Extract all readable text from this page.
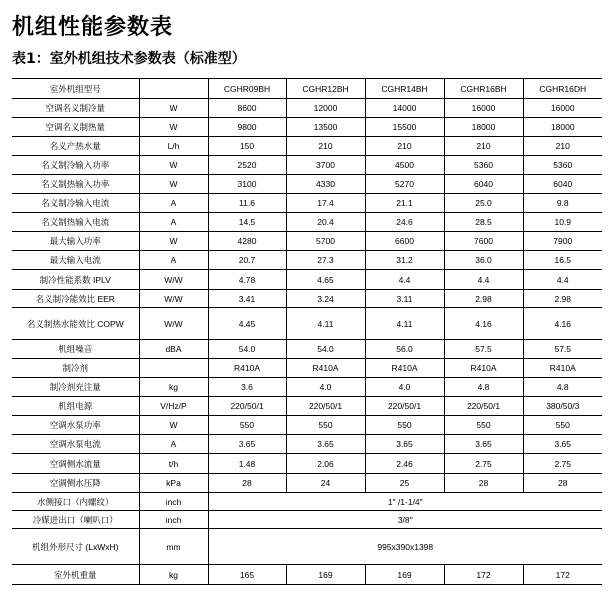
机组性能参数表
表1：室外机组技术参数表（标准型）
室外机组型号		CGHR09BH	CGHR12BH	CGHR14BH	CGHR16BH	CGHR16DH
空调名义制冷量	W	8600	12000	14000	16000	16000
空调名义制热量	W	9800	13500	15500	18000	18000
名义产热水量	L/h	150	210	210	210	210
名义制冷输入功率	W	2520	3700	4500	5360	5360
名义制热输入功率	W	3100	4330	5270	6040	6040
名义制冷输入电流	A	11.6	17.4	21.1	25.0	9.8
名义制热输入电流	A	14.5	20.4	24.6	28.5	10.9
最大输入功率	W	4280	5700	6600	7600	7900
最大输入电流	A	20.7	27.3	31.2	36.0	16.5
制冷性能系数 IPLV	W/W	4.78	4.65	4.4	4.4	4.4
名义制冷能效比 EER	W/W	3.41	3.24	3.11	2.98	2.98
名义制热水能效比 COPW	W/W	4.45	4.11	4.11	4.16	4.16
机组噪音	dBA	54.0	54.0	56.0	57.5	57.5
制冷剂		R410A	R410A	R410A	R410A	R410A
制冷剂充注量	kg	3.6	4.0	4.0	4.8	4.8
机组电源	V/Hz/P	220/50/1	220/50/1	220/50/1	220/50/1	380/50/3
空调水泵功率	W	550	550	550	550	550
空调水泵电流	A	3.65	3.65	3.65	3.65	3.65
空调侧水流量	t/h	1.48	2.06	2.46	2.75	2.75
空调侧水压降	kPa	28	24	25	28	28
水侧接口（内螺纹）	inch	1" /1-1/4"				
冷媒进出口（喇叭口）	inch	3/8"				
机组外形尺寸 (LxWxH)	mm	995x390x1398				
室外机重量	kg	165	169	169	172	172
